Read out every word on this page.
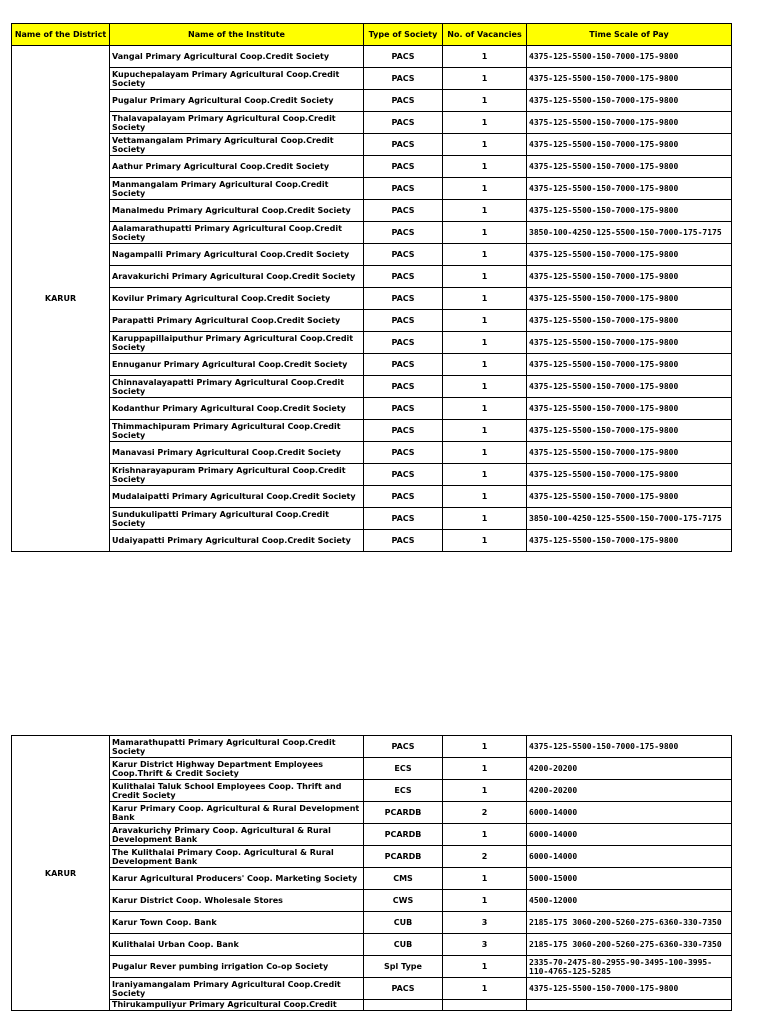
Name of the District	Name of the Institute	Type of Society	No. of Vacancies	Time Scale of Pay
KARUR	Vangal Primary Agricultural Coop.Credit Society	PACS	1	4375-125-5500-150-7000-175-9800
	Kupuchepalayam Primary Agricultural Coop.Credit Society	PACS	1	4375-125-5500-150-7000-175-9800
	Pugalur Primary Agricultural Coop.Credit Society	PACS	1	4375-125-5500-150-7000-175-9800
	Thalavapalayam Primary Agricultural Coop.Credit Society	PACS	1	4375-125-5500-150-7000-175-9800
	Vettamangalam Primary Agricultural Coop.Credit Society	PACS	1	4375-125-5500-150-7000-175-9800
	Aathur Primary Agricultural Coop.Credit Society	PACS	1	4375-125-5500-150-7000-175-9800
	Manmangalam Primary Agricultural Coop.Credit Society	PACS	1	4375-125-5500-150-7000-175-9800
	Manalmedu Primary Agricultural Coop.Credit Society	PACS	1	4375-125-5500-150-7000-175-9800
	Aalamarathupatti Primary Agricultural Coop.Credit Society	PACS	1	3850-100-4250-125-5500-150-7000-175-7175
	Nagampalli Primary Agricultural Coop.Credit Society	PACS	1	4375-125-5500-150-7000-175-9800
	Aravakurichi Primary Agricultural Coop.Credit Society	PACS	1	4375-125-5500-150-7000-175-9800
	Kovilur Primary Agricultural Coop.Credit Society	PACS	1	4375-125-5500-150-7000-175-9800
	Parapatti Primary Agricultural Coop.Credit Society	PACS	1	4375-125-5500-150-7000-175-9800
	Karuppapillaiputhur Primary Agricultural Coop.Credit Society	PACS	1	4375-125-5500-150-7000-175-9800
	Ennuganur Primary Agricultural Coop.Credit Society	PACS	1	4375-125-5500-150-7000-175-9800
	Chinnavalayapatti Primary Agricultural Coop.Credit Society	PACS	1	4375-125-5500-150-7000-175-9800
	Kodanthur Primary Agricultural Coop.Credit Society	PACS	1	4375-125-5500-150-7000-175-9800
	Thimmachipuram Primary Agricultural Coop.Credit Society	PACS	1	4375-125-5500-150-7000-175-9800
	Manavasi Primary Agricultural Coop.Credit Society	PACS	1	4375-125-5500-150-7000-175-9800
	Krishnarayapuram Primary Agricultural Coop.Credit Society	PACS	1	4375-125-5500-150-7000-175-9800
	Mudalaipatti Primary Agricultural Coop.Credit Society	PACS	1	4375-125-5500-150-7000-175-9800
	Sundukulipatti Primary Agricultural Coop.Credit Society	PACS	1	3850-100-4250-125-5500-150-7000-175-7175
	Udaiyapatti Primary Agricultural Coop.Credit Society	PACS	1	4375-125-5500-150-7000-175-9800
KARUR	Mamarathupatti Primary Agricultural Coop.Credit Society	PACS	1	4375-125-5500-150-7000-175-9800
	Karur District Highway Department Employees Coop.Thrift & Credit Society	ECS	1	4200-20200
	Kulithalai Taluk School Employees Coop. Thrift and Credit Society	ECS	1	4200-20200
	Karur Primary Coop. Agricultural & Rural Development Bank	PCARDB	2	6000-14000
	Aravakurichy Primary Coop. Agricultural & Rural Development Bank	PCARDB	1	6000-14000
	The Kulithalai Primary Coop. Agricultural & Rural Development Bank	PCARDB	2	6000-14000
	Karur Agricultural Producers' Coop. Marketing Society	CMS	1	5000-15000
	Karur District Coop. Wholesale Stores	CWS	1	4500-12000
	Karur Town Coop. Bank	CUB	3	2185-175 3060-200-5260-275-6360-330-7350
	Kulithalai Urban Coop. Bank	CUB	3	2185-175 3060-200-5260-275-6360-330-7350
	Pugalur Rever pumbing irrigation Co-op Society	Spl Type	1	2335-70-2475-80-2955-90-3495-100-3995-110-4765-125-5285
	Iraniyamangalam Primary Agricultural Coop.Credit Society	PACS	1	4375-125-5500-150-7000-175-9800
	Thirukampuliyur Primary Agricultural Coop.Credit			
